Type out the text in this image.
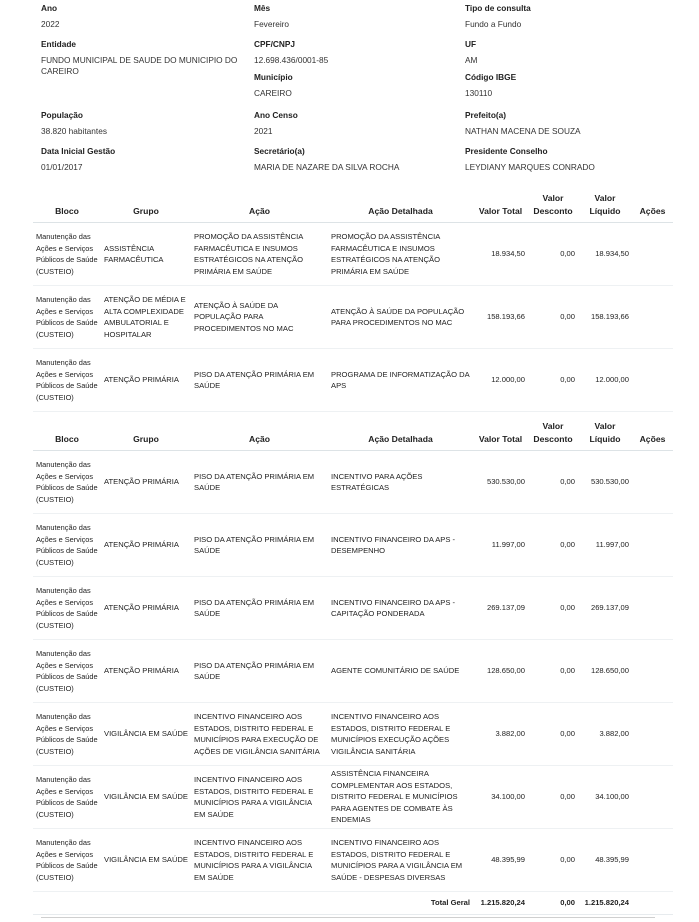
Ano
2022
Mês
Fevereiro
Tipo de consulta
Fundo a Fundo
Entidade
FUNDO MUNICIPAL DE SAUDE DO MUNICIPIO DO CAREIRO
CPF/CNPJ
12.698.436/0001-85
UF
AM
Município
CAREIRO
Código IBGE
130110
População
38.820 habitantes
Ano Censo
2021
Prefeito(a)
NATHAN MACENA DE SOUZA
Data Inicial Gestão
01/01/2017
Secretário(a)
MARIA DE NAZARE DA SILVA ROCHA
Presidente Conselho
LEYDIANY MARQUES CONRADO
Bloco	Grupo	Ação	Ação Detalhada	Valor Total	Valor Desconto	Valor Líquido	Ações
Manutenção das Ações e Serviços Públicos de Saúde (CUSTEIO)	ASSISTÊNCIA FARMACÊUTICA	PROMOÇÃO DA ASSISTÊNCIA FARMACÊUTICA E INSUMOS ESTRATÉGICOS NA ATENÇÃO PRIMÁRIA EM SAÚDE	PROMOÇÃO DA ASSISTÊNCIA FARMACÊUTICA E INSUMOS ESTRATÉGICOS NA ATENÇÃO PRIMÁRIA EM SAÚDE	18.934,50	0,00	18.934,50	
Manutenção das Ações e Serviços Públicos de Saúde (CUSTEIO)	ATENÇÃO DE MÉDIA E ALTA COMPLEXIDADE AMBULATORIAL E HOSPITALAR	ATENÇÃO À SAÚDE DA POPULAÇÃO PARA PROCEDIMENTOS NO MAC	ATENÇÃO À SAÚDE DA POPULAÇÃO PARA PROCEDIMENTOS NO MAC	158.193,66	0,00	158.193,66	
Manutenção das Ações e Serviços Públicos de Saúde (CUSTEIO)	ATENÇÃO PRIMÁRIA	PISO DA ATENÇÃO PRIMÁRIA EM SAÚDE	PROGRAMA DE INFORMATIZAÇÃO DA APS	12.000,00	0,00	12.000,00	
Bloco	Grupo	Ação	Ação Detalhada	Valor Total	Valor Desconto	Valor Líquido	Ações
Manutenção das Ações e Serviços Públicos de Saúde (CUSTEIO)	ATENÇÃO PRIMÁRIA	PISO DA ATENÇÃO PRIMÁRIA EM SAÚDE	INCENTIVO PARA AÇÕES ESTRATÉGICAS	530.530,00	0,00	530.530,00	
Manutenção das Ações e Serviços Públicos de Saúde (CUSTEIO)	ATENÇÃO PRIMÁRIA	PISO DA ATENÇÃO PRIMÁRIA EM SAÚDE	INCENTIVO FINANCEIRO DA APS - DESEMPENHO	11.997,00	0,00	11.997,00	
Manutenção das Ações e Serviços Públicos de Saúde (CUSTEIO)	ATENÇÃO PRIMÁRIA	PISO DA ATENÇÃO PRIMÁRIA EM SAÚDE	INCENTIVO FINANCEIRO DA APS - CAPITAÇÃO PONDERADA	269.137,09	0,00	269.137,09	
Manutenção das Ações e Serviços Públicos de Saúde (CUSTEIO)	ATENÇÃO PRIMÁRIA	PISO DA ATENÇÃO PRIMÁRIA EM SAÚDE	AGENTE COMUNITÁRIO DE SAÚDE	128.650,00	0,00	128.650,00	
Manutenção das Ações e Serviços Públicos de Saúde (CUSTEIO)	VIGILÂNCIA EM SAÚDE	INCENTIVO FINANCEIRO AOS ESTADOS, DISTRITO FEDERAL E MUNICÍPIOS PARA EXECUÇÃO DE AÇÕES DE VIGILÂNCIA SANITÁRIA	INCENTIVO FINANCEIRO AOS ESTADOS, DISTRITO FEDERAL E MUNICÍPIOS EXECUÇÃO AÇÕES VIGILÂNCIA SANITÁRIA	3.882,00	0,00	3.882,00	
Manutenção das Ações e Serviços Públicos de Saúde (CUSTEIO)	VIGILÂNCIA EM SAÚDE	INCENTIVO FINANCEIRO AOS ESTADOS, DISTRITO FEDERAL E MUNICÍPIOS PARA A VIGILÂNCIA EM SAÚDE	ASSISTÊNCIA FINANCEIRA COMPLEMENTAR AOS ESTADOS, DISTRITO FEDERAL E MUNICÍPIOS PARA AGENTES DE COMBATE ÀS ENDEMIAS	34.100,00	0,00	34.100,00	
Manutenção das Ações e Serviços Públicos de Saúde (CUSTEIO)	VIGILÂNCIA EM SAÚDE	INCENTIVO FINANCEIRO AOS ESTADOS, DISTRITO FEDERAL E MUNICÍPIOS PARA A VIGILÂNCIA EM SAÚDE	INCENTIVO FINANCEIRO AOS ESTADOS, DISTRITO FEDERAL E MUNICÍPIOS PARA A VIGILÂNCIA EM SAÚDE - DESPESAS DIVERSAS	48.395,99	0,00	48.395,99	
Total Geral				1.215.820,24	0,00	1.215.820,24	
